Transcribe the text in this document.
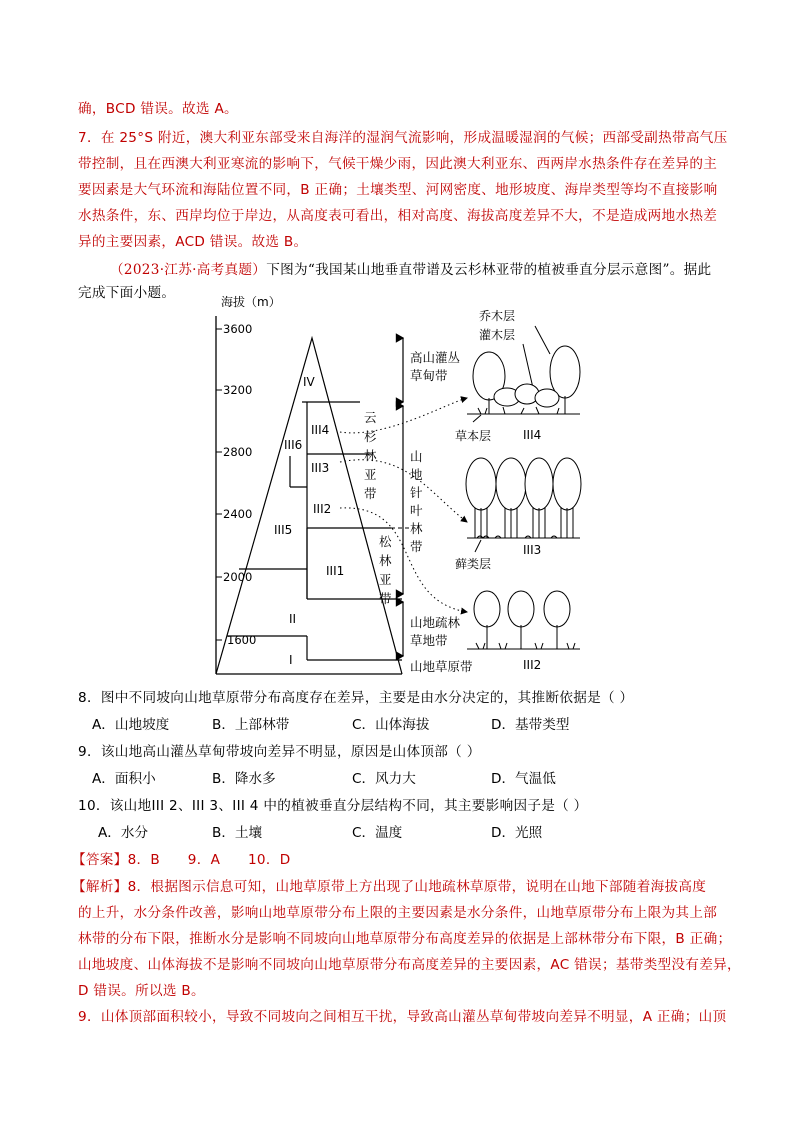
确，BCD 错误。故选 A。
7．在 25°S 附近，澳大利亚东部受来自海洋的湿润气流影响，形成温暖湿润的气候；西部受副热带高气压
带控制，且在西澳大利亚寒流的影响下，气候干燥少雨，因此澳大利亚东、西两岸水热条件存在差异的主
要因素是大气环流和海陆位置不同，B 正确；土壤类型、河网密度、地形坡度、海岸类型等均不直接影响
水热条件，东、西岸均位于岸边，从高度表可看出，相对高度、海拔高度差异不大，不是造成两地水热差
异的主要因素，ACD 错误。故选 B。
（2023·江苏·高考真题）下图为“我国某山地垂直带谱及云杉林亚带的植被垂直分层示意图”。据此
完成下面小题。
海拔（m）
3600
3200
2800
2400
2000
1600
IV
III4
III6
III3
III2
III5
III1
II
I
云
杉
林
亚
带
松
林
亚
带
高山灌丛
草甸带
山
地
针
叶
林
带
山地疏林
草地带
山地草原带
乔木层
灌木层
草本层	III4
藓类层
III3
III2
8．图中不同坡向山地草原带分布高度存在差异，主要是由水分决定的，其推断依据是（ ）
A．山地坡度	B．上部林带	C．山体海拔	D．基带类型
9．该山地高山灌丛草甸带坡向差异不明显，原因是山体顶部（ ）
A．面积小	B．降水多	C．风力大	D．气温低
10．该山地III 2、III 3、III 4 中的植被垂直分层结构不同，其主要影响因子是（ ）
A．水分	B．土壤	C．温度	D．光照
【答案】8．B      9．A      10．D
【解析】8．根据图示信息可知，山地草原带上方出现了山地疏林草原带，说明在山地下部随着海拔高度
的上升，水分条件改善，影响山地草原带分布上限的主要因素是水分条件，山地草原带分布上限为其上部
林带的分布下限，推断水分是影响不同坡向山地草原带分布高度差异的依据是上部林带分布下限，B 正确；
山地坡度、山体海拔不是影响不同坡向山地草原带分布高度差异的主要因素，AC 错误；基带类型没有差异，
D 错误。所以选 B。
9．山体顶部面积较小，导致不同坡向之间相互干扰，导致高山灌丛草甸带坡向差异不明显，A 正确；山顶
